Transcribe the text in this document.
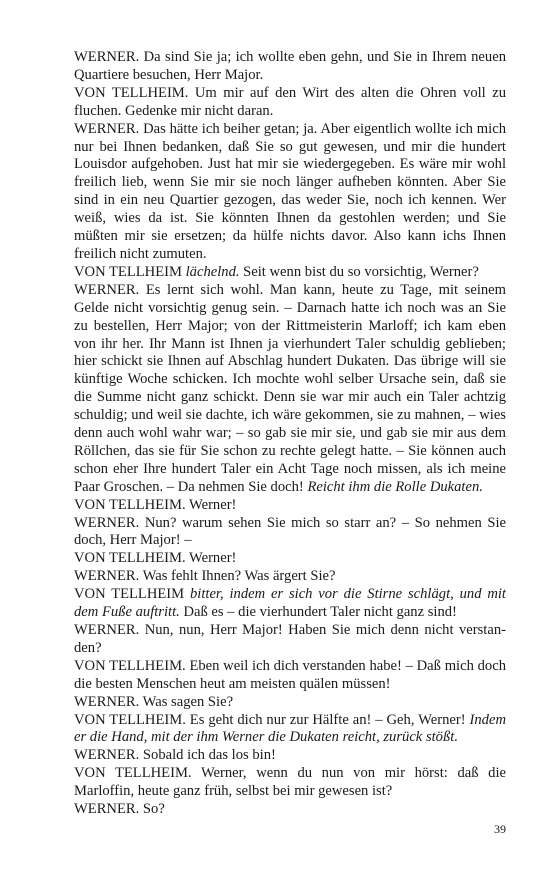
WERNER. Da sind Sie ja; ich wollte eben gehn, und Sie in Ihrem neuen Quartiere besuchen, Herr Major.

VON TELLHEIM. Um mir auf den Wirt des alten die Ohren voll zu fluchen. Gedenke mir nicht daran.

WERNER. Das hätte ich beiher getan; ja. Aber eigentlich wollte ich mich nur bei Ihnen bedanken, daß Sie so gut gewesen, und mir die hundert Louisdor aufgehoben. Just hat mir sie wiedergegeben. Es wäre mir wohl freilich lieb, wenn Sie mir sie noch länger aufheben könnten. Aber Sie sind in ein neu Quartier gezogen, das weder Sie, noch ich kennen. Wer weiß, wies da ist. Sie könnten Ihnen da gestohlen werden; und Sie müßten mir sie ersetzen; da hülfe nichts davor. Also kann ichs Ihnen freilich nicht zumuten.

VON TELLHEIM lächelnd. Seit wenn bist du so vorsichtig, Werner?

WERNER. Es lernt sich wohl. Man kann, heute zu Tage, mit seinem Gelde nicht vorsichtig genug sein. – Darnach hatte ich noch was an Sie zu bestellen, Herr Major; von der Rittmeisterin Marloff; ich kam eben von ihr her. Ihr Mann ist Ihnen ja vierhundert Taler schuldig geblieben; hier schickt sie Ihnen auf Abschlag hundert Dukaten. Das übrige will sie künftige Woche schicken. Ich mochte wohl selber Ursache sein, daß sie die Summe nicht ganz schickt. Denn sie war mir auch ein Taler achtzig schuldig; und weil sie dachte, ich wäre gekommen, sie zu mahnen, – wies denn auch wohl wahr war; – so gab sie mir sie, und gab sie mir aus dem Röllchen, das sie für Sie schon zu rechte gelegt hatte. – Sie können auch schon eher Ihre hundert Taler ein Acht Tage noch missen, als ich meine Paar Groschen. – Da nehmen Sie doch! Reicht ihm die Rolle Dukaten.

VON TELLHEIM. Werner!

WERNER. Nun? warum sehen Sie mich so starr an? – So nehmen Sie doch, Herr Major! –

VON TELLHEIM. Werner!

WERNER. Was fehlt Ihnen? Was ärgert Sie?

VON TELLHEIM bitter, indem er sich vor die Stirne schlägt, und mit dem Fuße auftritt. Daß es – die vierhundert Taler nicht ganz sind!

WERNER. Nun, nun, Herr Major! Haben Sie mich denn nicht verstanden?

VON TELLHEIM. Eben weil ich dich verstanden habe! – Daß mich doch die besten Menschen heut am meisten quälen müssen!

WERNER. Was sagen Sie?

VON TELLHEIM. Es geht dich nur zur Hälfte an! – Geh, Werner! Indem er die Hand, mit der ihm Werner die Dukaten reicht, zurück stößt.

WERNER. Sobald ich das los bin!

VON TELLHEIM. Werner, wenn du nun von mir hörst: daß die Marloffin, heute ganz früh, selbst bei mir gewesen ist?

WERNER. So?

39
